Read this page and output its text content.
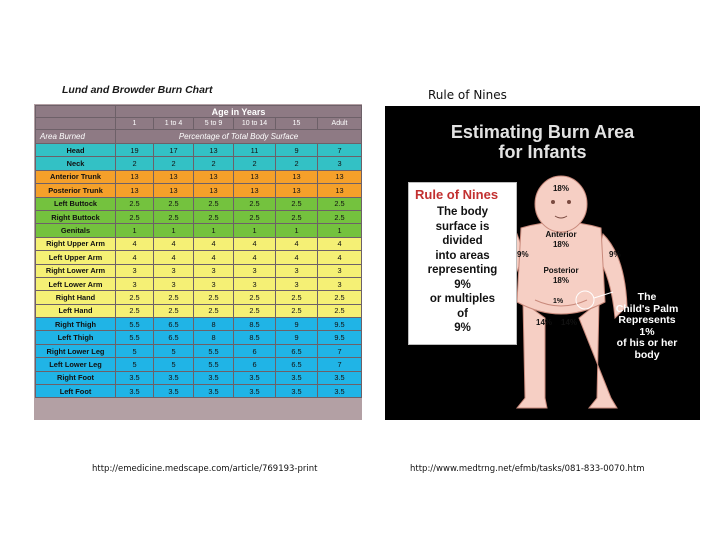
Lund and Browder Burn Chart
	Age in Years					
	1	1 to 4	5 to 9	10 to 14	15	Adult
Area Burned	Percentage of Total Body Surface					
Head	19	17	13	11	9	7
Neck	2	2	2	2	2	3
Anterior Trunk	13	13	13	13	13	13
Posterior Trunk	13	13	13	13	13	13
Left Buttock	2.5	2.5	2.5	2.5	2.5	2.5
Right Buttock	2.5	2.5	2.5	2.5	2.5	2.5
Genitals	1	1	1	1	1	1
Right Upper Arm	4	4	4	4	4	4
Left Upper Arm	4	4	4	4	4	4
Right Lower Arm	3	3	3	3	3	3
Left Lower Arm	3	3	3	3	3	3
Right Hand	2.5	2.5	2.5	2.5	2.5	2.5
Left Hand	2.5	2.5	2.5	2.5	2.5	2.5
Right Thigh	5.5	6.5	8	8.5	9	9.5
Left Thigh	5.5	6.5	8	8.5	9	9.5
Right Lower Leg	5	5	5.5	6	6.5	7
Left Lower Leg	5	5	5.5	6	6.5	7
Right Foot	3.5	3.5	3.5	3.5	3.5	3.5
Left Foot	3.5	3.5	3.5	3.5	3.5	3.5
Rule of Nines
Estimating Burn Area
for Infants
18%
Anterior
18%
Posterior
18%
9%	9%
1%
14% 14%
Rule of Nines
The body
surface is
divided
into areas
representing
9%
or multiples
of
9%
The
Child's Palm
Represents
1%
of his or her
body
http://emedicine.medscape.com/article/769193-print	http://www.medtrng.net/efmb/tasks/081-833-0070.htm
